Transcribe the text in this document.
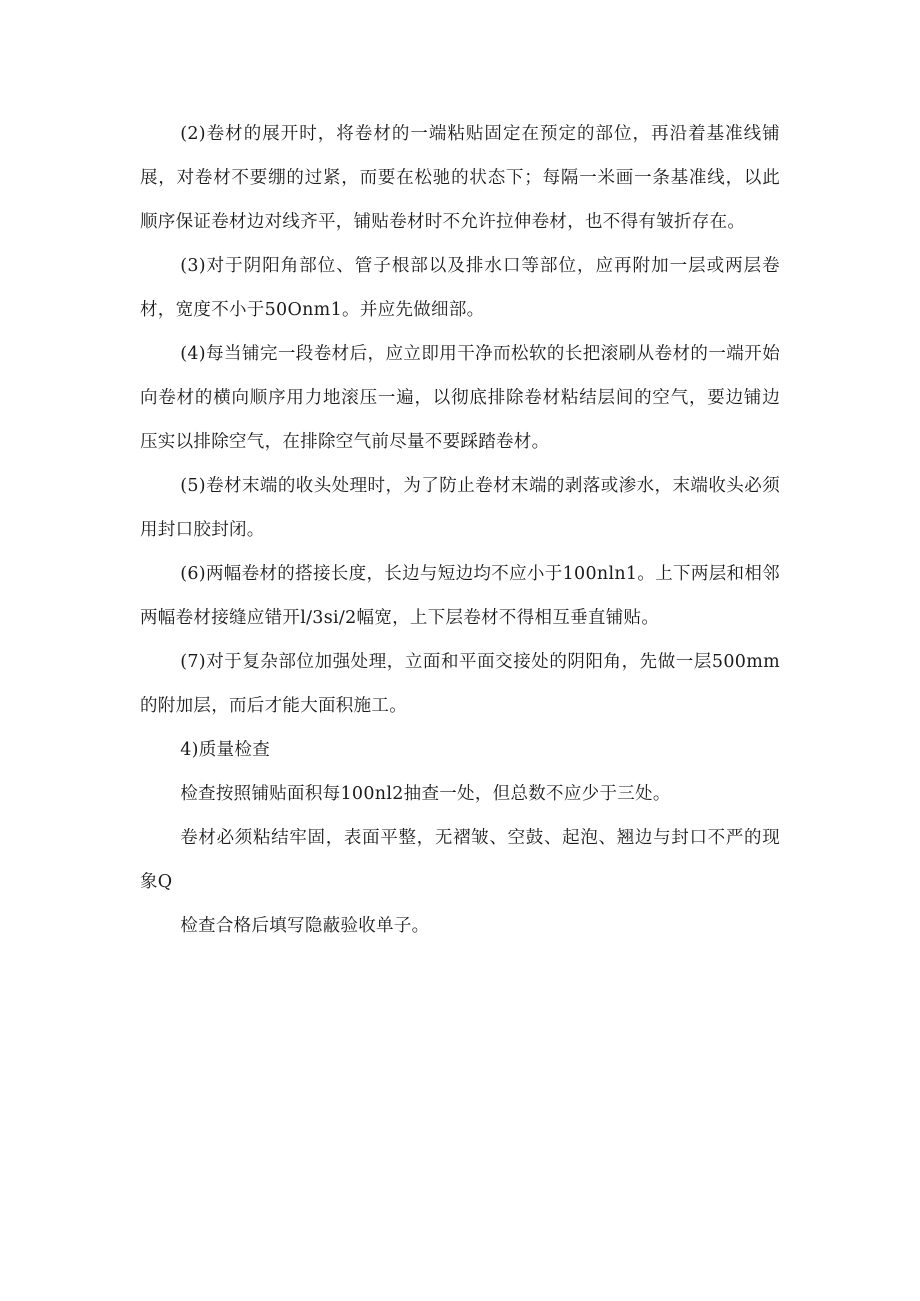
(2)卷材的展开时，将卷材的一端粘贴固定在预定的部位，再沿着基准线铺展，对卷材不要绷的过紧，而要在松驰的状态下；每隔一米画一条基准线，以此顺序保证卷材边对线齐平，铺贴卷材时不允许拉伸卷材，也不得有皱折存在。

(3)对于阴阳角部位、管子根部以及排水口等部位，应再附加一层或两层卷材，宽度不小于50Onm1。并应先做细部。

(4)每当铺完一段卷材后，应立即用干净而松软的长把滚刷从卷材的一端开始向卷材的横向顺序用力地滚压一遍，以彻底排除卷材粘结层间的空气，要边铺边压实以排除空气，在排除空气前尽量不要踩踏卷材。

(5)卷材末端的收头处理时，为了防止卷材末端的剥落或渗水，末端收头必须用封口胶封闭。

(6)两幅卷材的搭接长度，长边与短边均不应小于100nln1。上下两层和相邻两幅卷材接缝应错开l∕3si∕2幅宽，上下层卷材不得相互垂直铺贴。

(7)对于复杂部位加强处理，立面和平面交接处的阴阳角，先做一层500mm的附加层，而后才能大面积施工。

4)质量检查

检查按照铺贴面积每100nl2抽查一处，但总数不应少于三处。

卷材必须粘结牢固，表面平整，无褶皱、空鼓、起泡、翘边与封口不严的现象Q

检查合格后填写隐蔽验收单子。
